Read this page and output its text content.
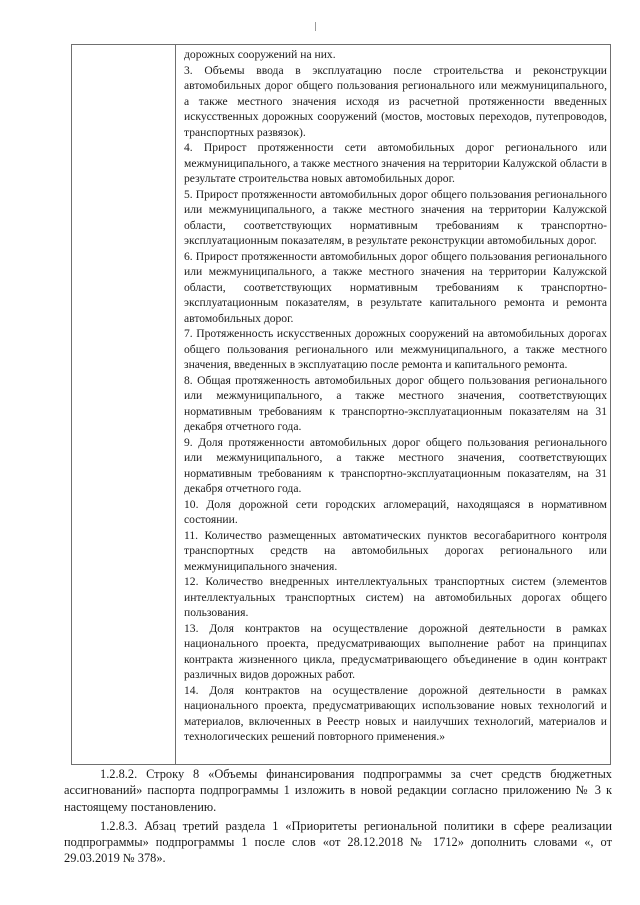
дорожных сооружений на них.

3. Объемы ввода в эксплуатацию после строительства и реконструкции автомобильных дорог общего пользования регионального или межмуниципального, а также местного значения исходя из расчетной протяженности введенных искусственных дорожных сооружений (мостов, мостовых переходов, путепроводов, транспортных развязок).

4. Прирост протяженности сети автомобильных дорог регионального или межмуниципального, а также местного значения на территории Калужской области в результате строительства новых автомобильных дорог.

5. Прирост протяженности автомобильных дорог общего пользования регионального или межмуниципального, а также местного значения на территории Калужской области, соответствующих нормативным требованиям к транспортно-эксплуатационным показателям, в результате реконструкции автомобильных дорог.

6. Прирост протяженности автомобильных дорог общего пользования регионального или межмуниципального, а также местного значения на территории Калужской области, соответствующих нормативным требованиям к транспортно-эксплуатационным показателям, в результате капитального ремонта и ремонта автомобильных дорог.

7. Протяженность искусственных дорожных сооружений на автомобильных дорогах общего пользования регионального или межмуниципального, а также местного значения, введенных в эксплуатацию после ремонта и капитального ремонта.

8. Общая протяженность автомобильных дорог общего пользования регионального или межмуниципального, а также местного значения, соответствующих нормативным требованиям к транспортно-эксплуатационным показателям на 31 декабря отчетного года.

9. Доля протяженности автомобильных дорог общего пользования регионального или межмуниципального, а также местного значения, соответствующих нормативным требованиям к транспортно-эксплуатационным показателям, на 31 декабря отчетного года.

10. Доля дорожной сети городских агломераций, находящаяся в нормативном состоянии.

11. Количество размещенных автоматических пунктов весогабаритного контроля транспортных средств на автомобильных дорогах регионального или межмуниципального значения.

12. Количество внедренных интеллектуальных транспортных систем (элементов интеллектуальных транспортных систем) на автомобильных дорогах общего пользования.

13. Доля контрактов на осуществление дорожной деятельности в рамках национального проекта, предусматривающих выполнение работ на принципах контракта жизненного цикла, предусматривающего объединение в один контракт различных видов дорожных работ.

14. Доля контрактов на осуществление дорожной деятельности в рамках национального проекта, предусматривающих использование новых технологий и материалов, включенных в Реестр новых и наилучших технологий, материалов и технологических решений повторного применения.»

1.2.8.2. Строку 8 «Объемы финансирования подпрограммы за счет средств бюджетных ассигнований» паспорта подпрограммы 1 изложить в новой редакции согласно приложению № 3 к настоящему постановлению.

1.2.8.3. Абзац третий раздела 1 «Приоритеты региональной политики в сфере реализации подпрограммы» подпрограммы 1 после слов «от 28.12.2018 № 1712» дополнить словами «, от 29.03.2019 № 378».
